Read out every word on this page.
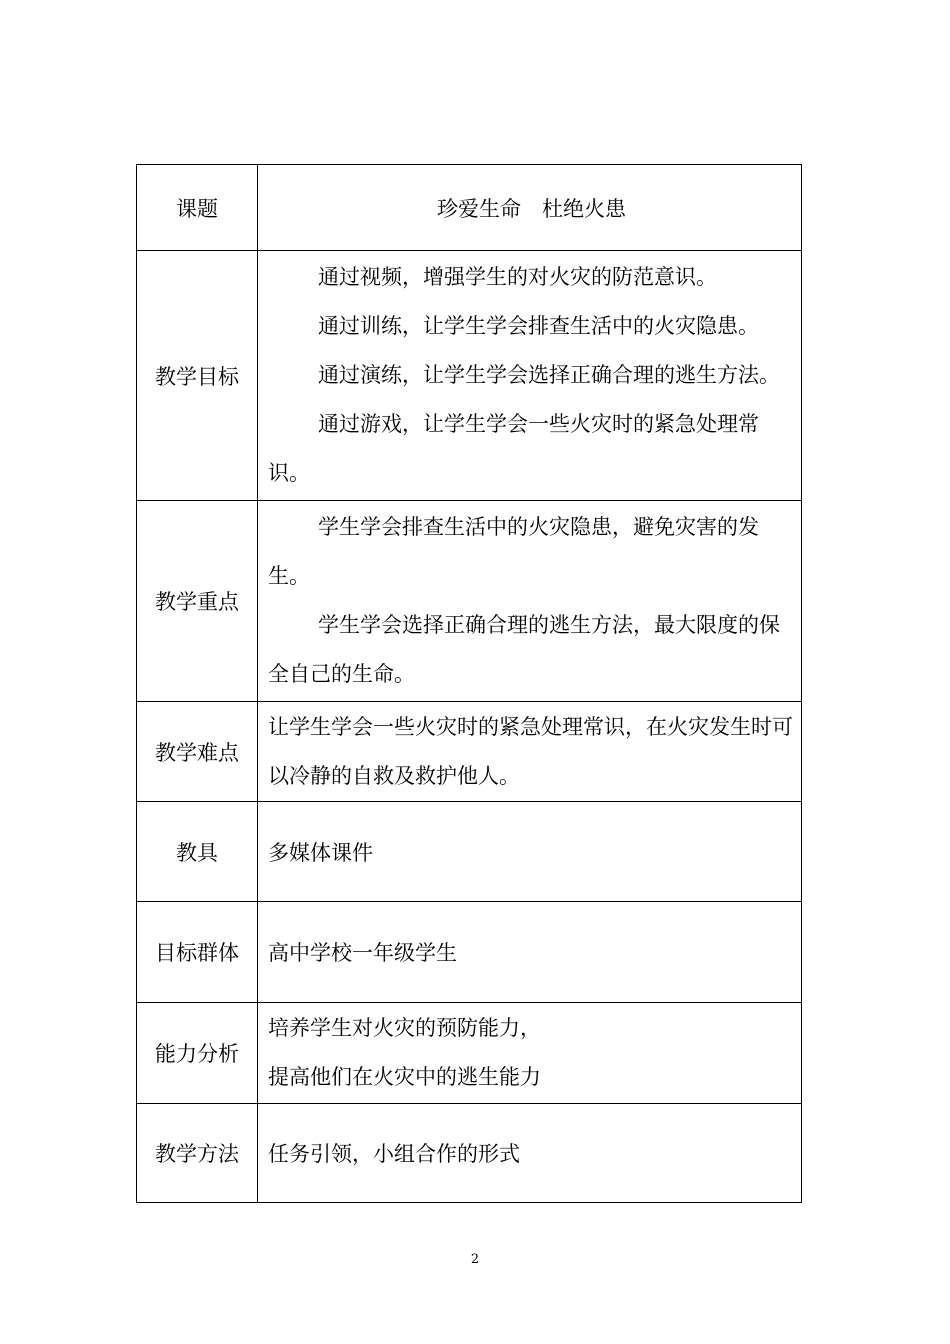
课题	珍爱生命　杜绝火患
教学目标	通过视频，增强学生的对火灾的防范意识。

通过训练，让学生学会排查生活中的火灾隐患。

通过演练，让学生学会选择正确合理的逃生方法。

通过游戏，让学生学会一些火灾时的紧急处理常识。

教学重点	学生学会排查生活中的火灾隐患，避免灾害的发生。

学生学会选择正确合理的逃生方法，最大限度的保全自己的生命。

教学难点	让学生学会一些火灾时的紧急处理常识，在火灾发生时可以冷静的自救及救护他人。

教具	多媒体课件
目标群体	高中学校一年级学生
能力分析	培养学生对火灾的预防能力，

提高他们在火灾中的逃生能力

教学方法	任务引领，小组合作的形式
2
